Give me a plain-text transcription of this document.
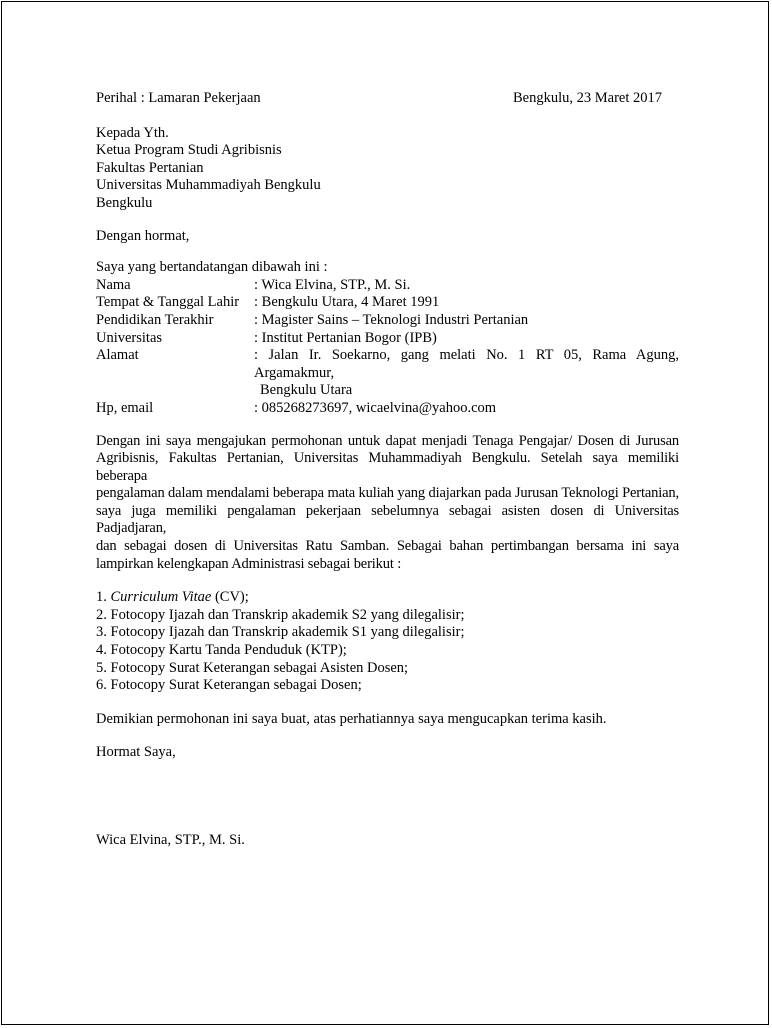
Perihal : Lamaran Pekerjaan	Bengkulu, 23 Maret 2017
Kepada Yth.
Ketua Program Studi Agribisnis
Fakultas Pertanian
Universitas Muhammadiyah Bengkulu
Bengkulu
Dengan hormat,
Saya yang bertandatangan dibawah ini :
Nama	: Wica Elvina, STP., M. Si.
Tempat & Tanggal Lahir	: Bengkulu Utara, 4 Maret 1991
Pendidikan Terakhir	: Magister Sains – Teknologi Industri Pertanian
Universitas	: Institut Pertanian Bogor (IPB)
Alamat	: Jalan Ir. Soekarno, gang melati No. 1 RT 05, Rama Agung, Argamakmur,
Bengkulu Utara
Hp, email	: 085268273697, wicaelvina@yahoo.com
Dengan ini saya mengajukan permohonan untuk dapat menjadi Tenaga Pengajar/ Dosen di Jurusan
Agribisnis, Fakultas Pertanian, Universitas Muhammadiyah Bengkulu. Setelah saya memiliki beberapa
pengalaman dalam mendalami beberapa mata kuliah yang diajarkan pada Jurusan Teknologi Pertanian,
saya juga memiliki pengalaman pekerjaan sebelumnya sebagai asisten dosen di Universitas Padjadjaran,
dan sebagai dosen di Universitas Ratu Samban. Sebagai bahan pertimbangan bersama ini saya
lampirkan kelengkapan Administrasi sebagai berikut :
1. Curriculum Vitae (CV);
2. Fotocopy Ijazah dan Transkrip akademik S2 yang dilegalisir;
3. Fotocopy Ijazah dan Transkrip akademik S1 yang dilegalisir;
4. Fotocopy Kartu Tanda Penduduk (KTP);
5. Fotocopy Surat Keterangan sebagai Asisten Dosen;
6. Fotocopy Surat Keterangan sebagai Dosen;
Demikian permohonan ini saya buat, atas perhatiannya saya mengucapkan terima kasih.
Hormat Saya,
Wica Elvina, STP., M. Si.
